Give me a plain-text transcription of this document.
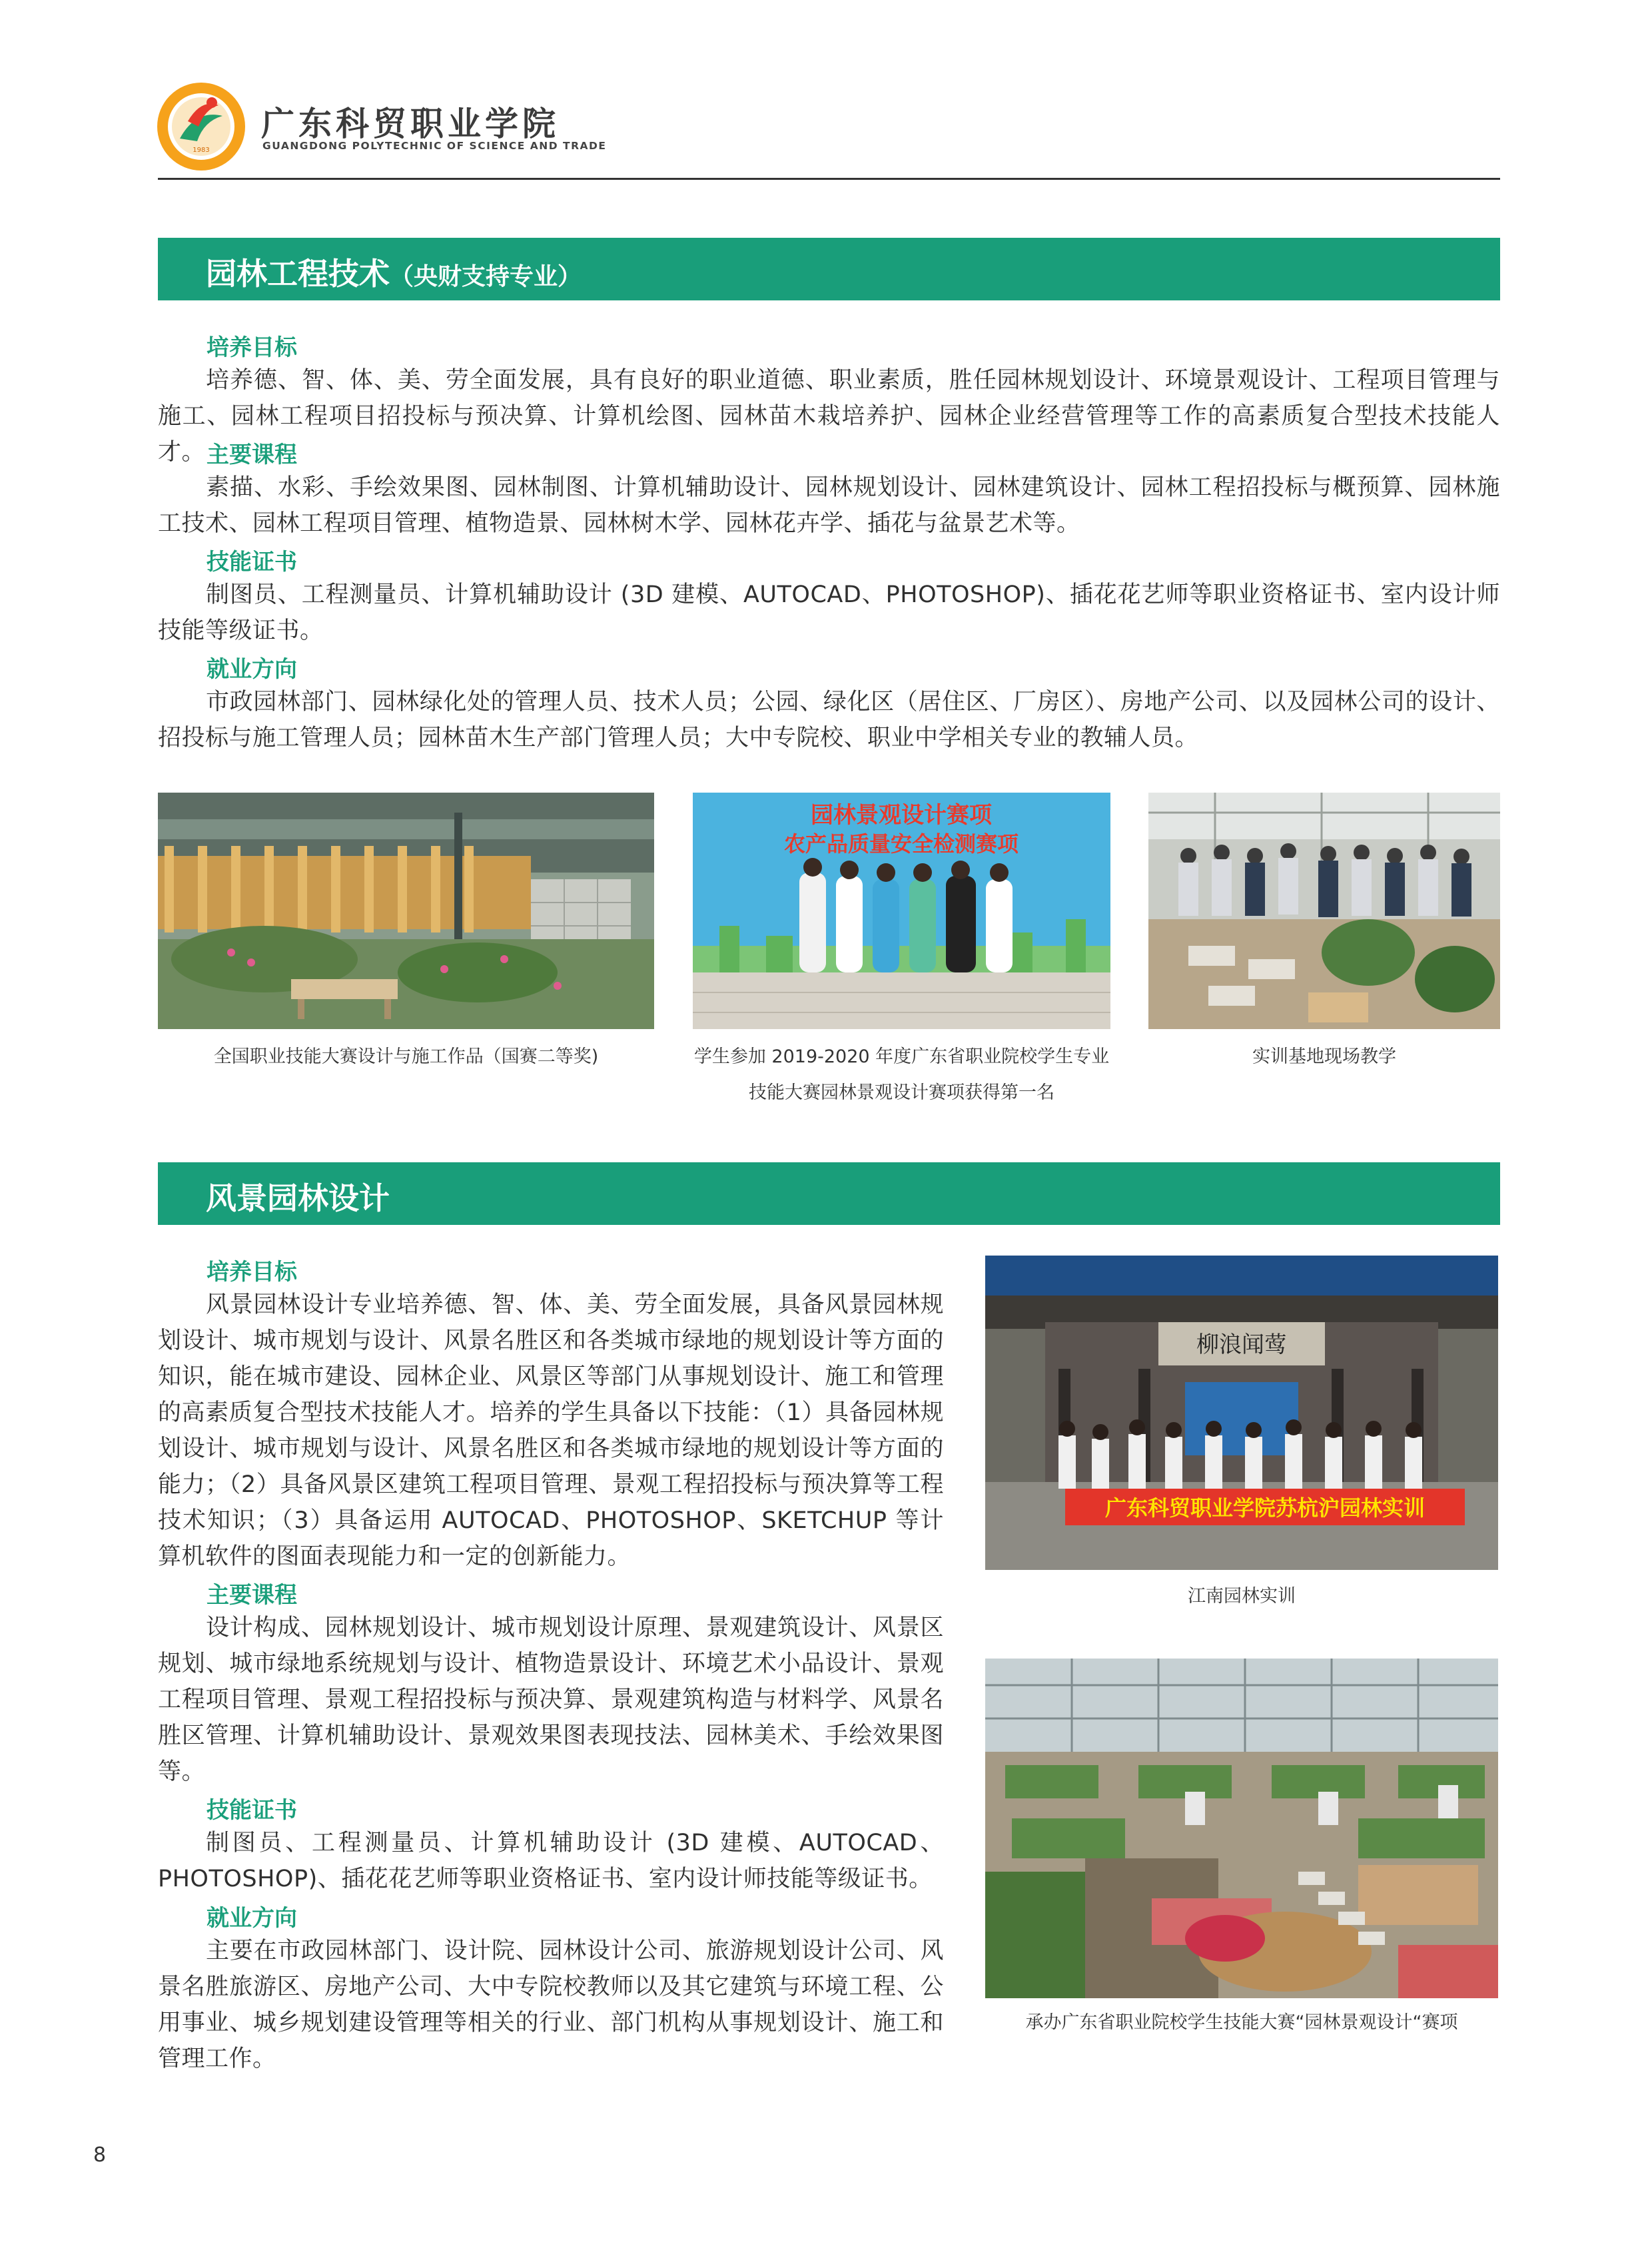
1983
广东科贸职业学院
GUANGDONG POLYTECHNIC OF SCIENCE AND TRADE
园林工程技术（央财支持专业）
培养目标

培养德、智、体、美、劳全面发展，具有良好的职业道德、职业素质，胜任园林规划设计、环境景观设计、工程项目管理与施工、园林工程项目招投标与预决算、计算机绘图、园林苗木栽培养护、园林企业经营管理等工作的高素质复合型技术技能人才。 主要课程

素描、水彩、手绘效果图、园林制图、计算机辅助设计、园林规划设计、园林建筑设计、园林工程招投标与概预算、园林施工技术、园林工程项目管理、植物造景、园林树木学、园林花卉学、插花与盆景艺术等。

技能证书

制图员、工程测量员、计算机辅助设计 (3D 建模、AUTOCAD、PHOTOSHOP)、插花花艺师等职业资格证书、室内设计师技能等级证书。

就业方向

市政园林部门、园林绿化处的管理人员、技术人员；公园、绿化区（居住区、厂房区）、房地产公司、以及园林公司的设计、招投标与施工管理人员；园林苗木生产部门管理人员；大中专院校、职业中学相关专业的教辅人员。

全国职业技能大赛设计与施工作品（国赛二等奖)

园林景观设计赛项
农产品质量安全检测赛项

学生参加 2019-2020 年度广东省职业院校学生专业技能大赛园林景观设计赛项获得第一名

实训基地现场教学

风景园林设计
培养目标

风景园林设计专业培养德、智、体、美、劳全面发展，具备风景园林规划设计、城市规划与设计、风景名胜区和各类城市绿地的规划设计等方面的知识，能在城市建设、园林企业、风景区等部门从事规划设计、施工和管理的高素质复合型技术技能人才。培养的学生具备以下技能：（1）具备园林规划设计、城市规划与设计、风景名胜区和各类城市绿地的规划设计等方面的能力；（2）具备风景区建筑工程项目管理、景观工程招投标与预决算等工程技术知识；（3）具备运用 AUTOCAD、PHOTOSHOP、SKETCHUP 等计算机软件的图面表现能力和一定的创新能力。

主要课程

设计构成、园林规划设计、城市规划设计原理、景观建筑设计、风景区规划、城市绿地系统规划与设计、植物造景设计、环境艺术小品设计、景观工程项目管理、景观工程招投标与预决算、景观建筑构造与材料学、风景名胜区管理、计算机辅助设计、景观效果图表现技法、园林美术、手绘效果图等。

技能证书

制图员、工程测量员、计算机辅助设计 (3D 建模、AUTOCAD、PHOTOSHOP)、插花花艺师等职业资格证书、室内设计师技能等级证书。

就业方向

主要在市政园林部门、设计院、园林设计公司、旅游规划设计公司、风景名胜旅游区、房地产公司、大中专院校教师以及其它建筑与环境工程、公用事业、城乡规划建设管理等相关的行业、部门机构从事规划设计、施工和管理工作。

柳浪闻莺
广东科贸职业学院苏杭沪园林实训

江南园林实训

承办广东省职业院校学生技能大赛“园林景观设计“赛项

8
